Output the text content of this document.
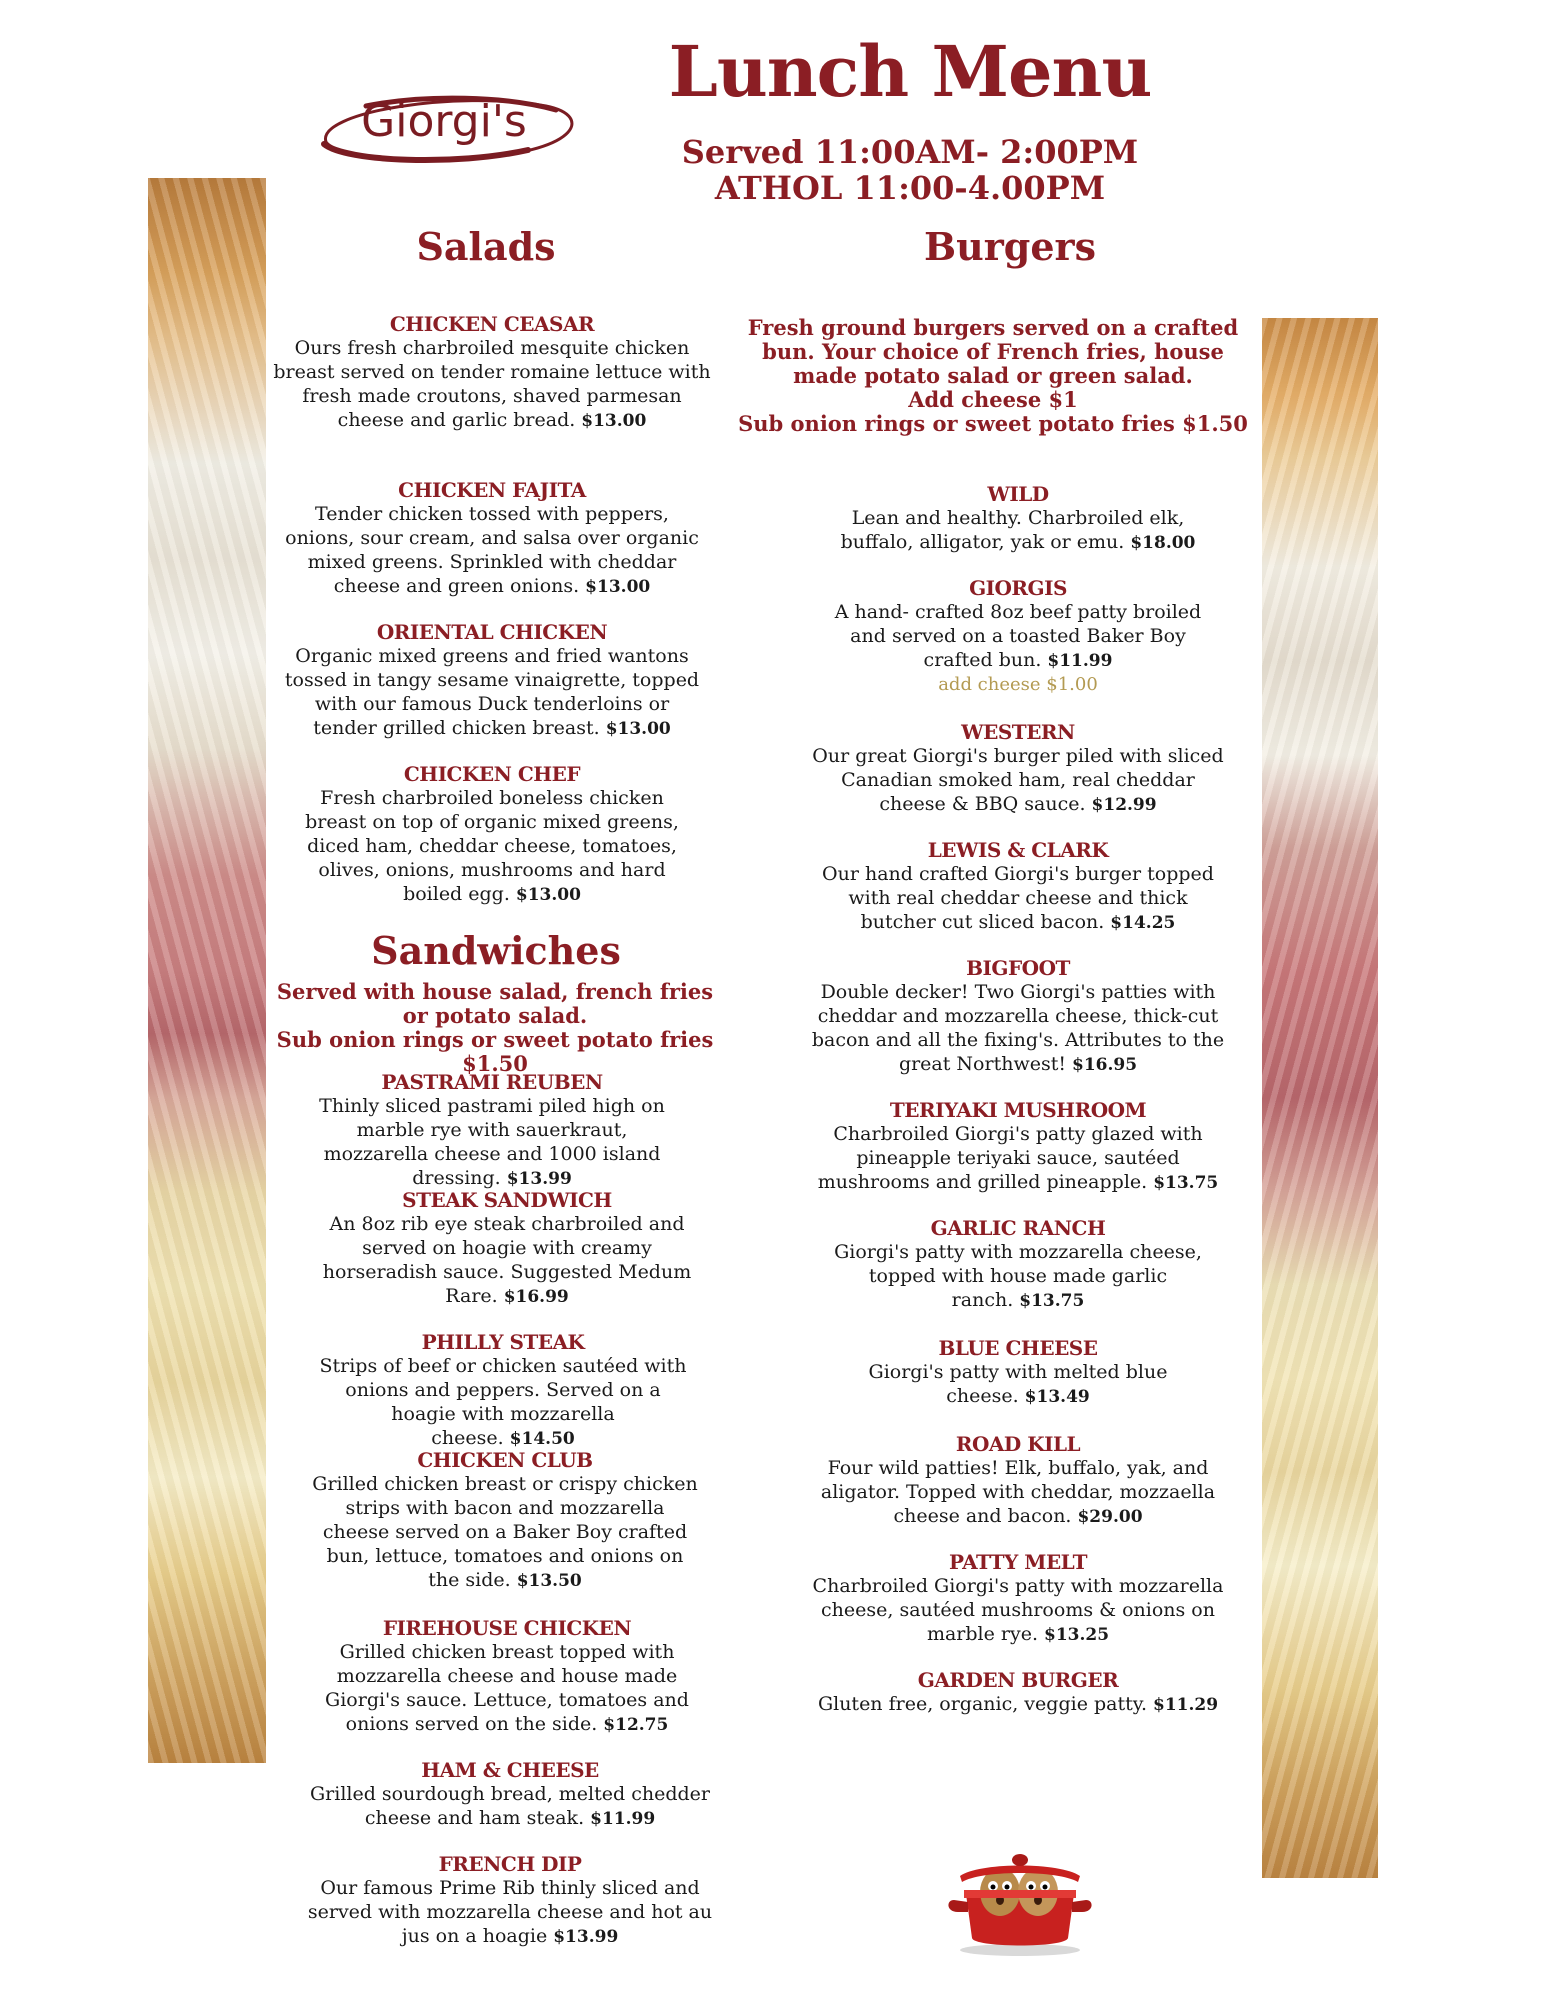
Giorgi's
Lunch Menu
Served 11:00AM- 2:00PM
ATHOL 11:00-4.00PM
Salads
CHICKEN CEASAR
Ours fresh charbroiled mesquite chicken breast served on tender romaine lettuce with fresh made croutons, shaved parmesan cheese and garlic bread. $13.00
CHICKEN FAJITA
Tender chicken tossed with peppers, onions, sour cream, and salsa over organic mixed greens. Sprinkled with cheddar cheese and green onions. $13.00
ORIENTAL CHICKEN
Organic mixed greens and fried wantons tossed in tangy sesame vinaigrette, topped with our famous Duck tenderloins or tender grilled chicken breast. $13.00
CHICKEN CHEF
Fresh charbroiled boneless chicken breast on top of organic mixed greens, diced ham, cheddar cheese, tomatoes, olives, onions, mushrooms and hard boiled egg. $13.00
Sandwiches
Served with house salad, french fries or potato salad.
Sub onion rings or sweet potato fries $1.50
PASTRAMI REUBEN
Thinly sliced pastrami piled high on marble rye with sauerkraut, mozzarella cheese and 1000 island dressing. $13.99
STEAK SANDWICH
An 8oz rib eye steak charbroiled and served on hoagie with creamy horseradish sauce. Suggested Medum Rare. $16.99
PHILLY STEAK
Strips of beef or chicken sautéed with onions and peppers. Served on a hoagie with mozzarella cheese. $14.50
CHICKEN CLUB
Grilled chicken breast or crispy chicken strips with bacon and mozzarella cheese served on a Baker Boy crafted bun, lettuce, tomatoes and onions on the side. $13.50
FIREHOUSE CHICKEN
Grilled chicken breast topped with mozzarella cheese and house made Giorgi's sauce. Lettuce, tomatoes and onions served on the side. $12.75
HAM & CHEESE
Grilled sourdough bread, melted chedder cheese and ham steak. $11.99
FRENCH DIP
Our famous Prime Rib thinly sliced and served with mozzarella cheese and hot au jus on a hoagie $13.99
Burgers
Fresh ground burgers served on a crafted bun. Your choice of French fries, house made potato salad or green salad.
Add cheese $1
Sub onion rings or sweet potato fries $1.50
WILD
Lean and healthy. Charbroiled elk, buffalo, alligator, yak or emu. $18.00
GIORGIS
A hand- crafted 8oz beef patty broiled and served on a toasted Baker Boy crafted bun. $11.99
add cheese $1.00
WESTERN
Our great Giorgi's burger piled with sliced Canadian smoked ham, real cheddar cheese & BBQ sauce. $12.99
LEWIS & CLARK
Our hand crafted Giorgi's burger topped with real cheddar cheese and thick butcher cut sliced bacon. $14.25
BIGFOOT
Double decker! Two Giorgi's patties with cheddar and mozzarella cheese, thick-cut bacon and all the fixing's. Attributes to the great Northwest! $16.95
TERIYAKI MUSHROOM
Charbroiled Giorgi's patty glazed with pineapple teriyaki sauce, sautéed mushrooms and grilled pineapple. $13.75
GARLIC RANCH
Giorgi's patty with mozzarella cheese, topped with house made garlic ranch. $13.75
BLUE CHEESE
Giorgi's patty with melted blue cheese. $13.49
ROAD KILL
Four wild patties! Elk, buffalo, yak, and aligator. Topped with cheddar, mozzaella cheese and bacon. $29.00
PATTY MELT
Charbroiled Giorgi's patty with mozzarella cheese, sautéed mushrooms & onions on marble rye. $13.25
GARDEN BURGER
Gluten free, organic, veggie patty. $11.29
